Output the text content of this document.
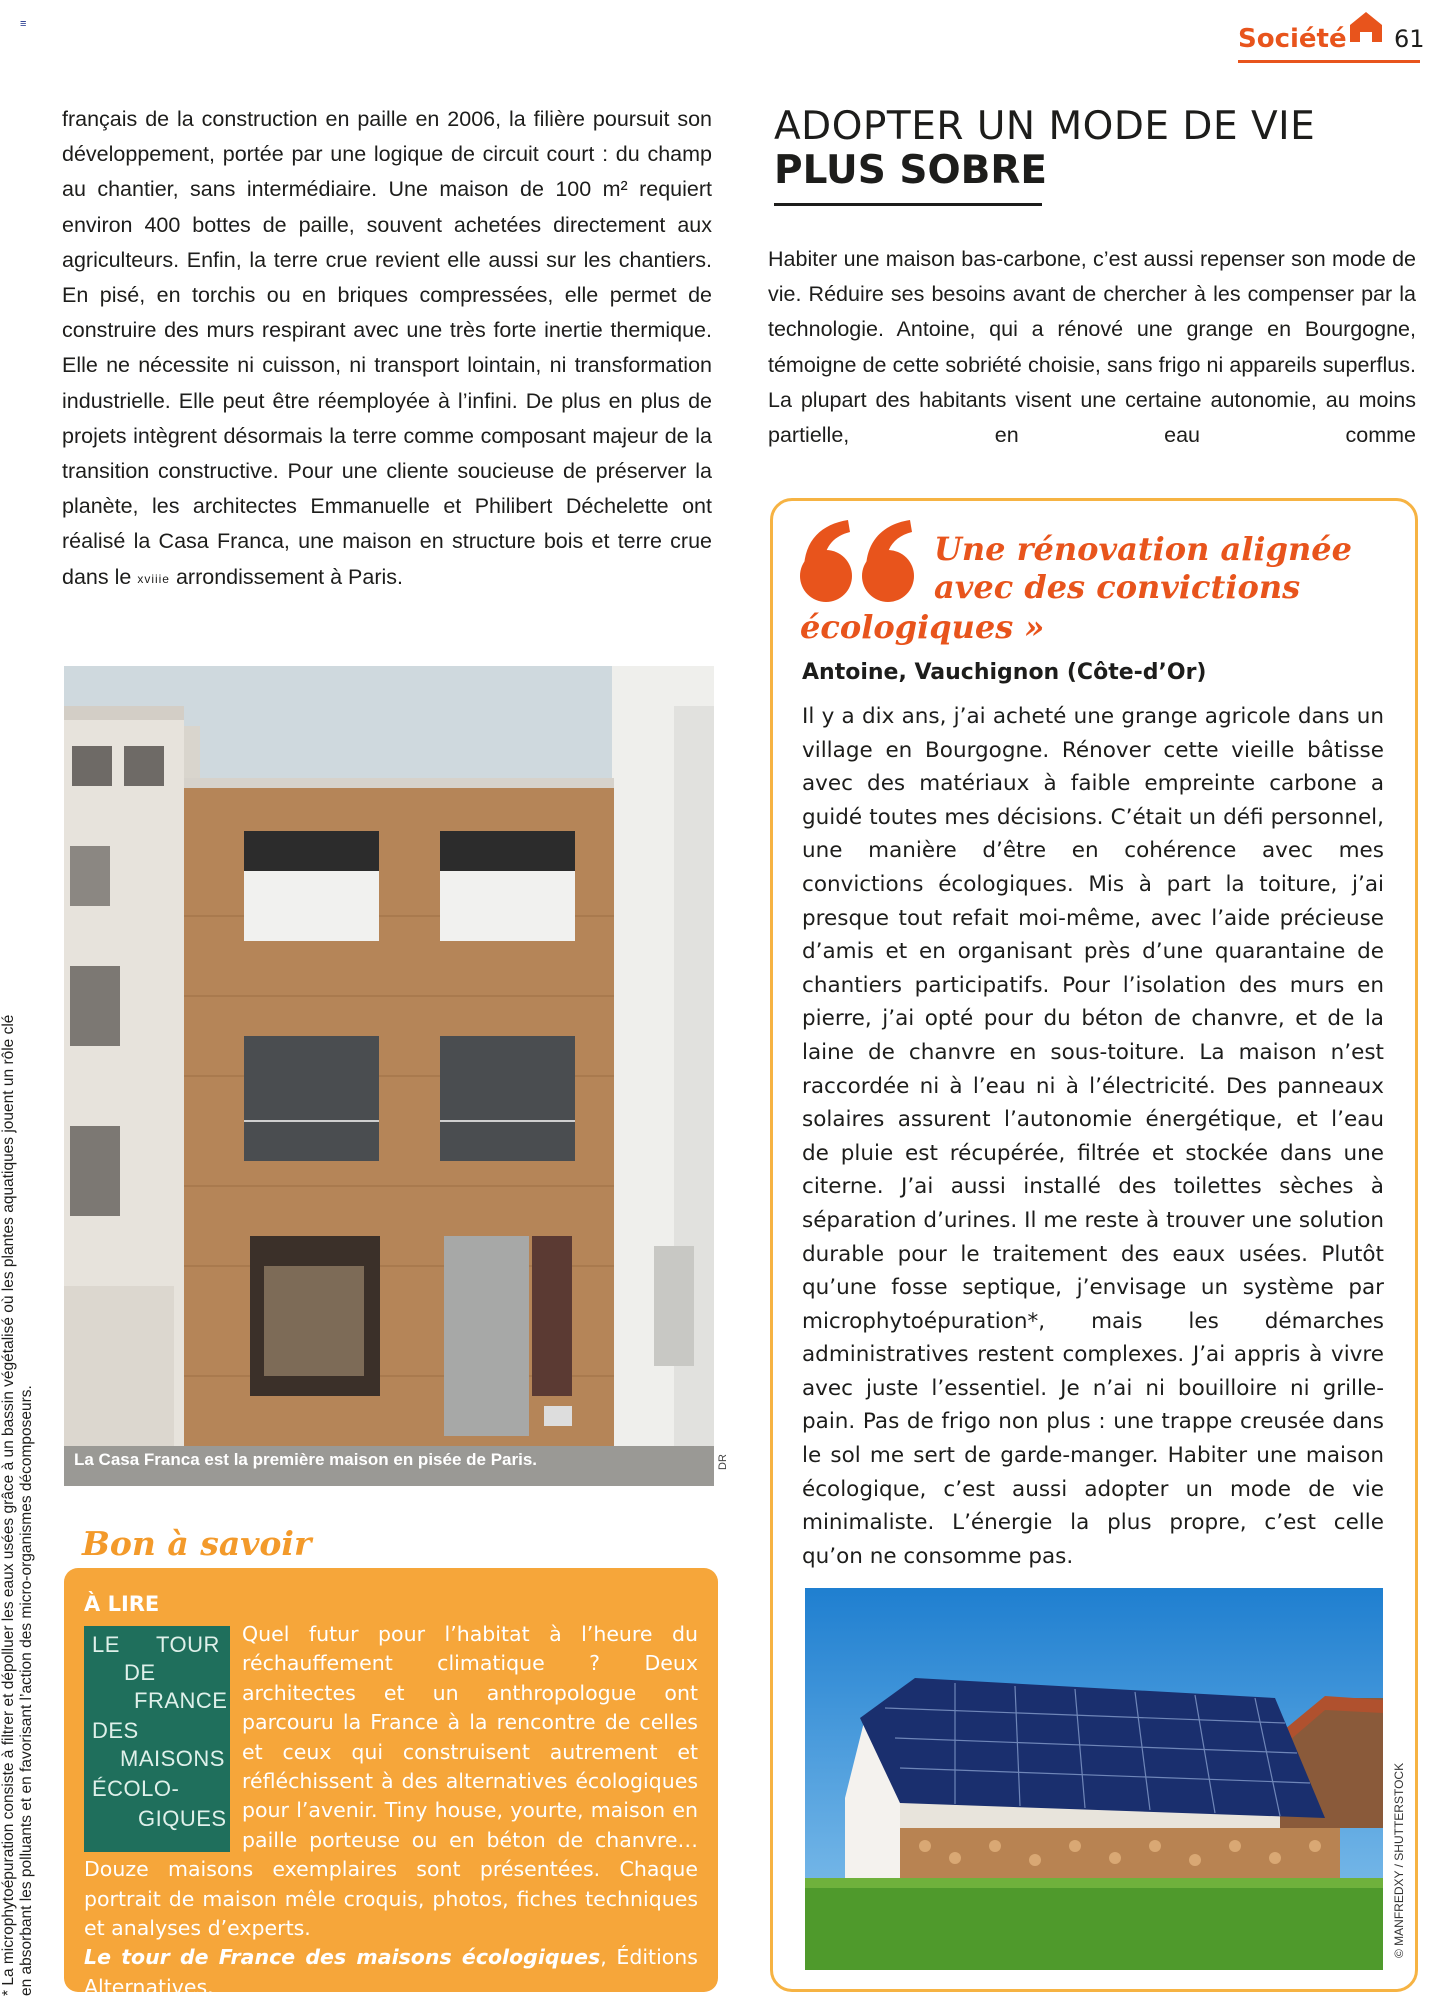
≡	Société 61
français de la construction en paille en 2006, la filière poursuit son développement, portée par une logique de circuit court : du champ au chantier, sans intermédiaire. Une maison de 100 m² requiert environ 400 bottes de paille, souvent achetées directement aux agriculteurs. Enfin, la terre crue revient elle aussi sur les chantiers. En pisé, en torchis ou en briques compressées, elle permet de construire des murs respirant avec une très forte inertie thermique. Elle ne nécessite ni cuisson, ni transport lointain, ni transformation industrielle. Elle peut être réemployée à l’infini. De plus en plus de projets intègrent désormais la terre comme composant majeur de la transition constructive. Pour une cliente soucieuse de préserver la planète, les architectes Emmanuelle et Philibert Déchelette ont réalisé la Casa Franca, une maison en structure bois et terre crue dans le xviiie arrondissement à Paris.
La Casa Franca est la première maison en pisée de Paris.	DR
* La microphytoépuration consiste à filtrer et dépolluer les eaux usées grâce à un bassin végétalisé où les plantes aquatiques jouent un rôle clé en absorbant les polluants et en favorisant l’action des micro-organismes décomposeurs. Bon à savoir
À LIRE
LE TOUR
DE
FRANCE
DES
MAISONS
ÉCOLO-
GIQUES
Quel futur pour l’habitat à l’heure du réchauffement climatique ? Deux architectes et un anthropologue ont parcouru la France à la rencontre de celles et ceux qui construisent autrement et réfléchissent à des alternatives écologiques pour l’avenir. Tiny house, yourte, maison en paille porteuse ou en béton de chanvre… Douze maisons exemplaires sont présentées. Chaque portrait de maison mêle croquis, photos, fiches techniques et analyses d’experts.
Le tour de France des maisons écologiques, Éditions Alternatives.
ADOPTER UN MODE DE VIE
PLUS SOBRE
Habiter une maison bas-carbone, c’est aussi repenser son mode de vie. Réduire ses besoins avant de chercher à les compenser par la technologie. Antoine, qui a rénové une grange en Bourgogne, témoigne de cette sobriété choisie, sans frigo ni appareils superflus. La plupart des habitants visent une certaine autonomie, au moins partielle, en eau comme
Une rénovation alignée
avec des convictions
écologiques »
Antoine, Vauchignon (Côte-d’Or)
Il y a dix ans, j’ai acheté une grange agricole dans un village en Bourgogne. Rénover cette vieille bâtisse avec des matériaux à faible empreinte carbone a guidé toutes mes décisions. C’était un défi personnel, une manière d’être en cohérence avec mes convictions écologiques. Mis à part la toiture, j’ai presque tout refait moi-même, avec l’aide précieuse d’amis et en organisant près d’une quarantaine de chantiers participatifs. Pour l’isolation des murs en pierre, j’ai opté pour du béton de chanvre, et de la laine de chanvre en sous-toiture. La maison n’est raccordée ni à l’eau ni à l’électricité. Des panneaux solaires assurent l’autonomie énergétique, et l’eau de pluie est récupérée, filtrée et stockée dans une citerne. J’ai aussi installé des toilettes sèches à séparation d’urines. Il me reste à trouver une solution durable pour le traitement des eaux usées. Plutôt qu’une fosse septique, j’envisage un système par microphytoépuration*, mais les démarches administratives restent complexes. J’ai appris à vivre avec juste l’essentiel. Je n’ai ni bouilloire ni grille-pain. Pas de frigo non plus : une trappe creusée dans le sol me sert de garde-manger. Habiter une maison écologique, c’est aussi adopter un mode de vie minimaliste. L’énergie la plus propre, c’est celle qu’on ne consomme pas.
© MANFREDXY / SHUTTERSTOCK
